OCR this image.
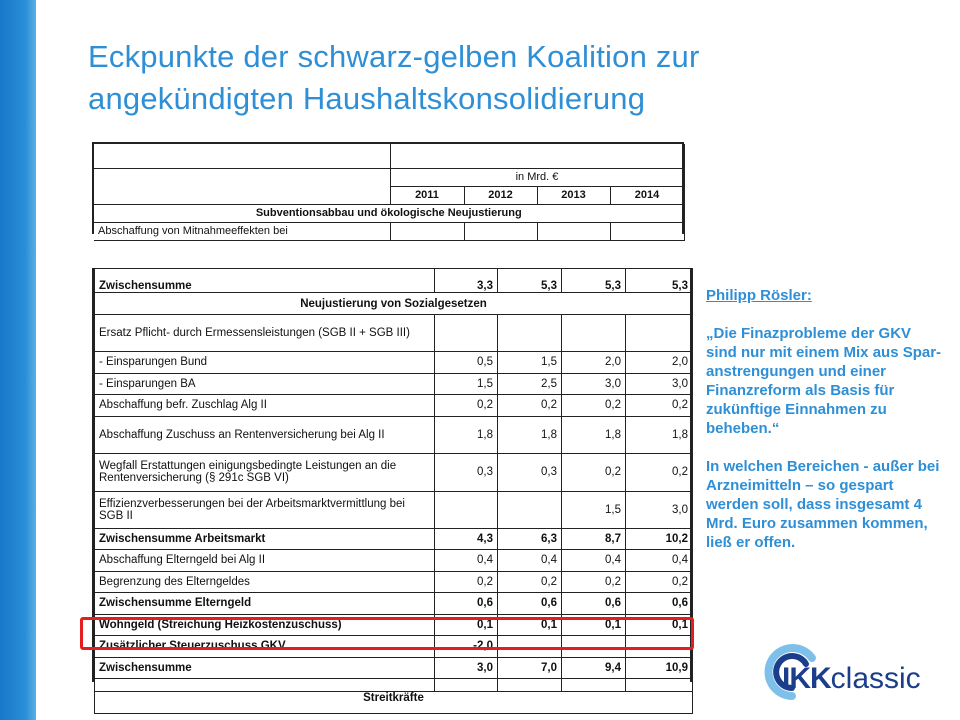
Eckpunkte der schwarz-gelben Koalition zur
angekündigten Haushaltskonsolidierung

	in Mrd. €			
	2011	2012	2013	2014
Subventionsabbau und ökologische Neujustierung				
Abschaffung von Mitnahmeeffekten bei				
Zwischensumme	3,3	5,3	5,3	5,3
Neujustierung von Sozialgesetzen				
Ersatz Pflicht- durch Ermessensleistungen (SGB II + SGB III)				
- Einsparungen Bund	0,5	1,5	2,0	2,0
- Einsparungen BA	1,5	2,5	3,0	3,0
Abschaffung befr. Zuschlag Alg II	0,2	0,2	0,2	0,2
Abschaffung Zuschuss an Rentenversicherung bei Alg II	1,8	1,8	1,8	1,8
Wegfall Erstattungen einigungsbedingte Leistungen an die Rentenversicherung (§ 291c SGB VI)	0,3	0,3	0,2	0,2
Effizienzverbesserungen bei der Arbeitsmarktvermittlung bei SGB II			1,5	3,0
Zwischensumme Arbeitsmarkt	4,3	6,3	8,7	10,2
Abschaffung Elterngeld bei Alg II	0,4	0,4	0,4	0,4
Begrenzung des Elterngeldes	0,2	0,2	0,2	0,2
Zwischensumme Elterngeld	0,6	0,6	0,6	0,6
Wohngeld (Streichung Heizkostenzuschuss)	0,1	0,1	0,1	0,1
Zusätzlicher Steuerzuschuss GKV	-2,0			
Zwischensumme	3,0	7,0	9,4	10,9

Streitkräfte				
Philipp Rösler:
„Die Finazprobleme der GKV sind nur mit einem Mix aus Spar-anstrengungen und einer Finanzreform als Basis für zukünftige Einnahmen zu beheben.“
In welchen Bereichen - außer bei Arzneimitteln – so gespart werden soll, dass insgesamt 4 Mrd. Euro zusammen kommen, ließ er offen.
IKKclassic
